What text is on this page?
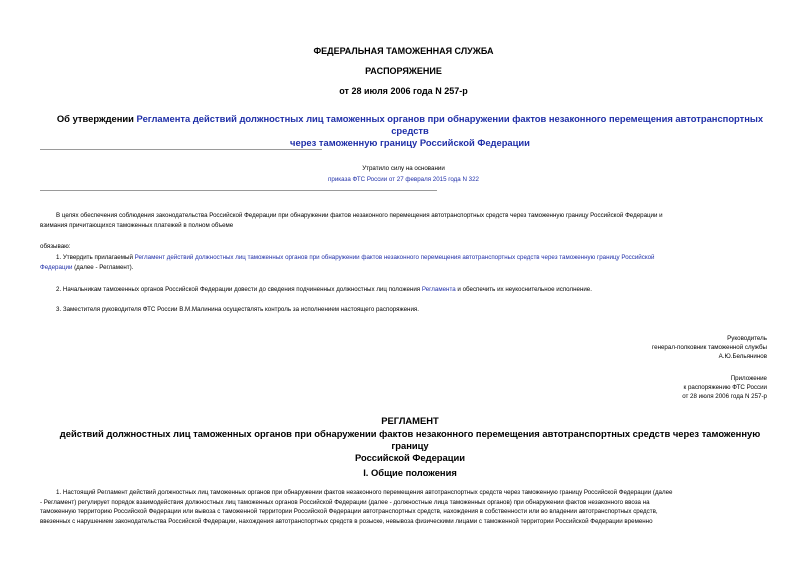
ФЕДЕРАЛЬНАЯ ТАМОЖЕННАЯ СЛУЖБА
РАСПОРЯЖЕНИЕ
от 28 июля 2006 года N 257-р
Об утверждении Регламента действий должностных лиц таможенных органов при обнаружении фактов незаконного перемещения автотранспортных средств
через таможенную границу Российской Федерации
Утратило силу на основании
приказа ФТС России от 27 февраля 2015 года N 322
В целях обеспечения соблюдения законодательства Российской Федерации при обнаружении фактов незаконного перемещения автотранспортных средств через таможенную границу Российской Федерации и
взимания причитающихся таможенных платежей в полном объеме
обязываю:
1. Утвердить прилагаемый Регламент действий должностных лиц таможенных органов при обнаружении фактов незаконного перемещения автотранспортных средств через таможенную границу Российской
Федерации (далее - Регламент).
2. Начальникам таможенных органов Российской Федерации довести до сведения подчиненных должностных лиц положения Регламента и обеспечить их неукоснительное исполнение.
3. Заместителя руководителя ФТС России В.М.Малинина осуществлять контроль за исполнением настоящего распоряжения.
Руководитель
генерал-полковник таможенной службы
А.Ю.Бельянинов
Приложение
к распоряжению ФТС России
от 28 июля 2006 года N 257-р
РЕГЛАМЕНТ
действий должностных лиц таможенных органов при обнаружении фактов незаконного перемещения автотранспортных средств через таможенную границу
Российской Федерации
I. Общие положения
1. Настоящий Регламент действий должностных лиц таможенных органов при обнаружении фактов незаконного перемещения автотранспортных средств через таможенную границу Российской Федерации (далее
- Регламент) регулирует порядок взаимодействия должностных лиц таможенных органов Российской Федерации (далее - должностные лица таможенных органов) при обнаружении фактов незаконного ввоза на
таможенную территорию Российской Федерации или вывоза с таможенной территории Российской Федерации автотранспортных средств, нахождения в собственности или во владении автотранспортных средств,
ввезенных с нарушением законодательства Российской Федерации, нахождения автотранспортных средств в розыске, невывоза физическими лицами с таможенной территории Российской Федерации временно
